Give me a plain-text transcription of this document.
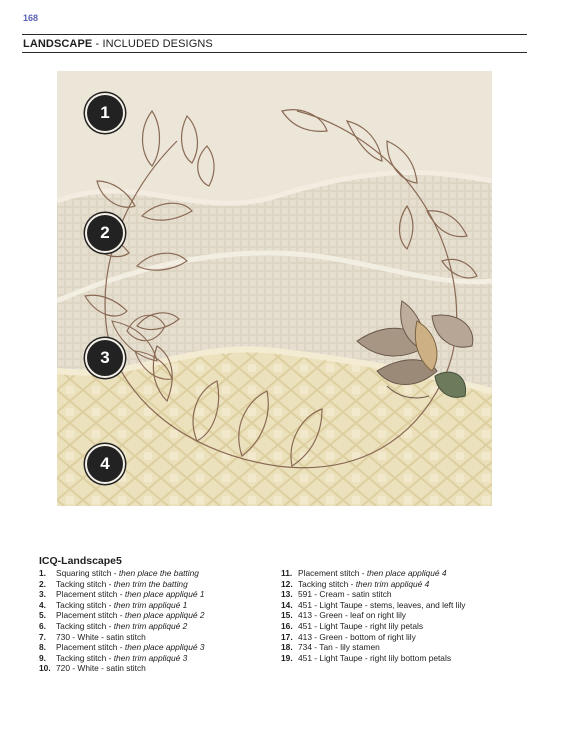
168
LANDSCAPE - INCLUDED DESIGNS
1
2
3
4
ICQ-Landscape5
1. Squaring stitch - then place the batting
2. Tacking stitch - then trim the batting
3. Placement stitch - then place appliqué 1
4. Tacking stitch - then trim appliqué 1
5. Placement stitch - then place appliqué 2
6. Tacking stitch - then trim appliqué 2
7. 730 - White - satin stitch
8. Placement stitch - then place appliqué 3
9. Tacking stitch - then trim appliqué 3
10. 720 - White - satin stitch
11. Placement stitch - then place appliqué 4
12. Tacking stitch - then trim appliqué 4
13. 591 - Cream - satin stitch
14. 451 - Light Taupe - stems, leaves, and left lily
15. 413 - Green - leaf on right lily
16. 451 - Light Taupe - right lily petals
17. 413 - Green - bottom of right lily
18. 734 - Tan - lily stamen
19. 451 - Light Taupe - right lily bottom petals
